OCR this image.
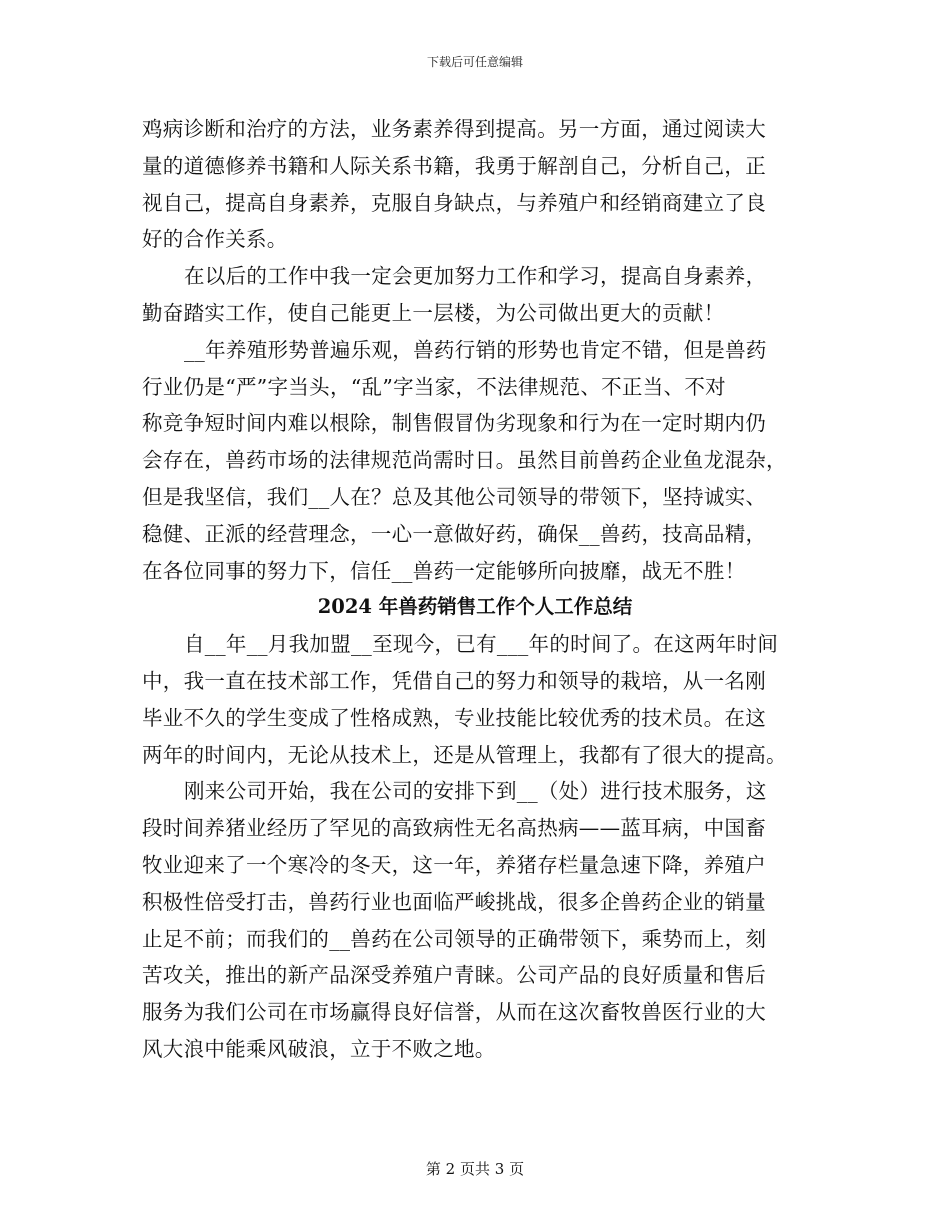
下载后可任意编辑
鸡病诊断和治疗的方法，业务素养得到提高。另一方面，通过阅读大
量的道德修养书籍和人际关系书籍，我勇于解剖自己，分析自己，正
视自己，提高自身素养，克服自身缺点，与养殖户和经销商建立了良
好的合作关系。
在以后的工作中我一定会更加努力工作和学习，提高自身素养，
勤奋踏实工作，使自己能更上一层楼，为公司做出更大的贡献！
__年养殖形势普遍乐观，兽药行销的形势也肯定不错，但是兽药
行业仍是“严”字当头，“乱”字当家，不法律规范、不正当、不对
称竞争短时间内难以根除，制售假冒伪劣现象和行为在一定时期内仍
会存在，兽药市场的法律规范尚需时日。虽然目前兽药企业鱼龙混杂，
但是我坚信，我们__人在？总及其他公司领导的带领下，坚持诚实、
稳健、正派的经营理念，一心一意做好药，确保__兽药，技高品精，
在各位同事的努力下，信任__兽药一定能够所向披靡，战无不胜！
2024 年兽药销售工作个人工作总结
自__年__月我加盟__至现今，已有___年的时间了。在这两年时间
中，我一直在技术部工作，凭借自己的努力和领导的栽培，从一名刚
毕业不久的学生变成了性格成熟，专业技能比较优秀的技术员。在这
两年的时间内，无论从技术上，还是从管理上，我都有了很大的提高。
刚来公司开始，我在公司的安排下到__（处）进行技术服务，这
段时间养猪业经历了罕见的高致病性无名高热病——蓝耳病，中国畜
牧业迎来了一个寒冷的冬天，这一年，养猪存栏量急速下降，养殖户
积极性倍受打击，兽药行业也面临严峻挑战，很多企兽药企业的销量
止足不前；而我们的__兽药在公司领导的正确带领下，乘势而上，刻
苦攻关，推出的新产品深受养殖户青睐。公司产品的良好质量和售后
服务为我们公司在市场赢得良好信誉，从而在这次畜牧兽医行业的大
风大浪中能乘风破浪，立于不败之地。
第 2 页共 3 页
